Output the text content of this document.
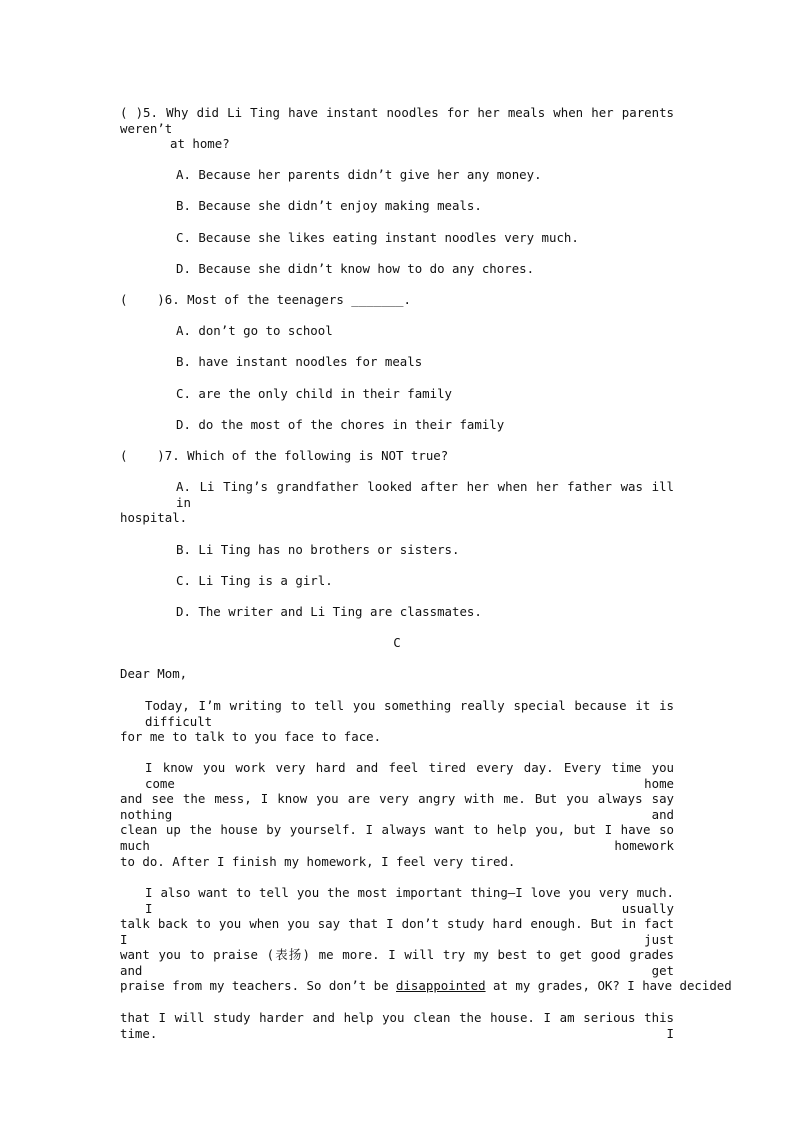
( )5. Why did Li Ting have instant noodles for her meals when her parents weren’t
at home?
A. Because her parents didn’t give her any money.
B. Because she didn’t enjoy making meals.
C. Because she likes eating instant noodles very much.
D. Because she didn’t know how to do any chores.
(    )6. Most of the teenagers _______.
A. don’t go to school
B. have instant noodles for meals
C. are the only child in their family
D. do the most of the chores in their family
(    )7. Which of the following is NOT true?
A. Li Ting’s grandfather looked after her when her father was ill in
hospital.
B. Li Ting has no brothers or sisters.
C. Li Ting is a girl.
D. The writer and Li Ting are classmates.
C
Dear Mom,
Today, I’m writing to tell you something really special because it is difficult
for me to talk to you face to face.
I know you work very hard and feel tired every day. Every time you come home
and see the mess, I know you are very angry with me. But you always say nothing and
clean up the house by yourself. I always want to help you, but I have so much homework
to do. After I finish my homework, I feel very tired.
I also want to tell you the most important thing—I love you very much. I usually
talk back to you when you say that I don’t study hard enough. But in fact I just
want you to praise (表扬) me more. I will try my best to get good grades and get
praise from my teachers. So don’t be disappointed at my grades, OK? I have decided
that I will study harder and help you clean the house. I am serious this time. I
